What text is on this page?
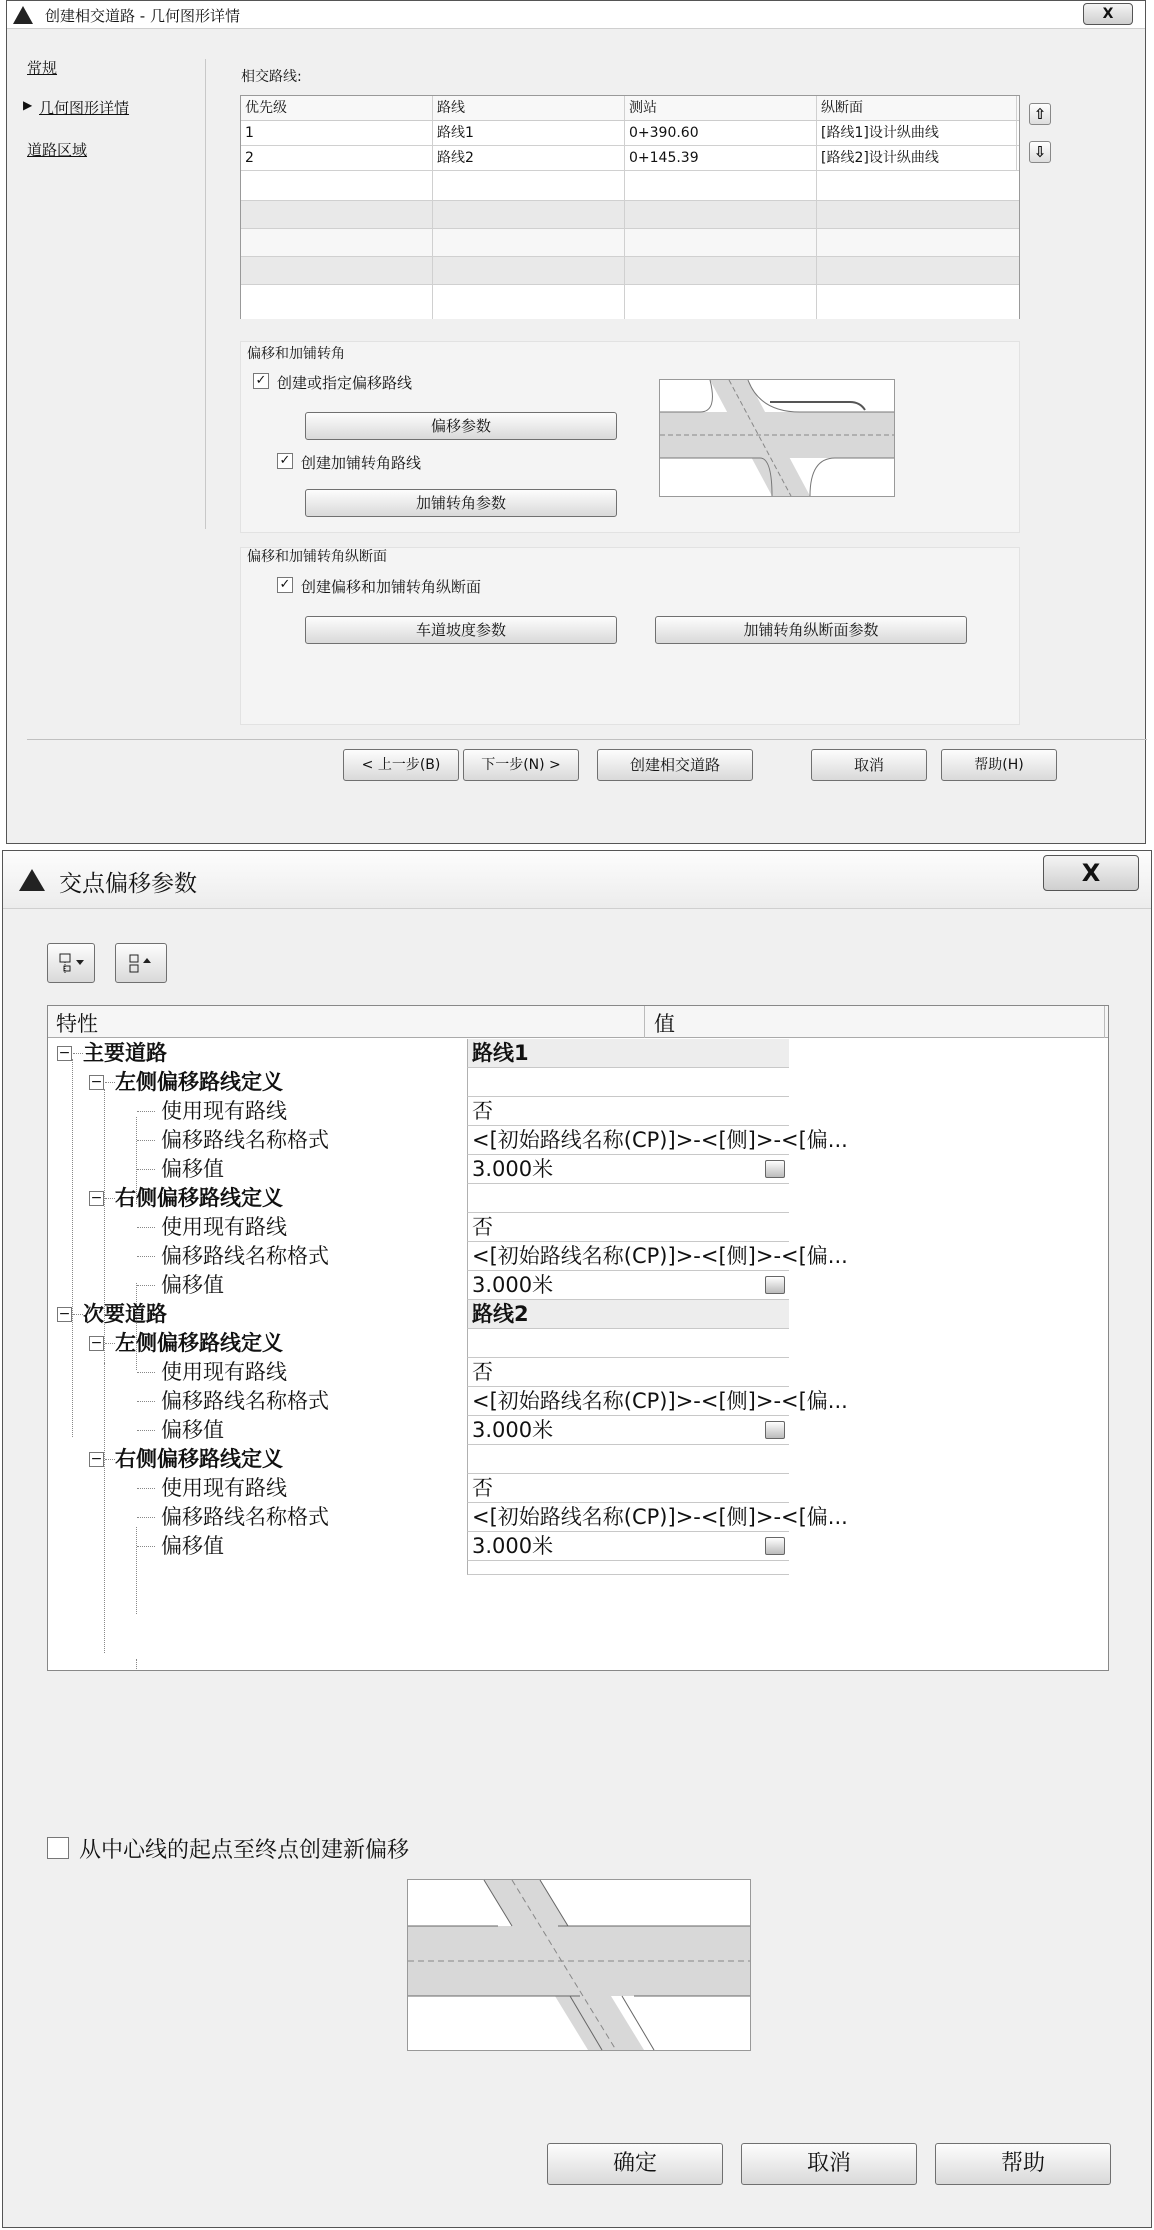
创建相交道路 - 几何图形详情	X
常规
▶ 几何图形详情
道路区域
相交路线:
优先级	路线	测站	纵断面
1	路线1	0+390.60	[路线1]设计纵曲线
2	路线2	0+145.39	[路线2]设计纵曲线
⇧
⇩
偏移和加铺转角
✓ 创建或指定偏移路线
偏移参数
✓ 创建加铺转角路线
加铺转角参数
偏移和加铺转角纵断面
✓ 创建偏移和加铺转角纵断面
车道坡度参数	加铺转角纵断面参数
< 上一步(B)	下一步(N) >	创建相交道路	取消	帮助(H)
交点偏移参数	X
特性	值
− 主要道路	路线1
− 左侧偏移路线定义
使用现有路线	否
偏移路线名称格式	<[初始路线名称(CP)]>-<[侧]>-<[偏...
偏移值	3.000米
− 右侧偏移路线定义
使用现有路线	否
偏移路线名称格式	<[初始路线名称(CP)]>-<[侧]>-<[偏...
偏移值	3.000米
− 次要道路	路线2
− 左侧偏移路线定义
使用现有路线	否
偏移路线名称格式	<[初始路线名称(CP)]>-<[侧]>-<[偏...
偏移值	3.000米
− 右侧偏移路线定义
使用现有路线	否
偏移路线名称格式	<[初始路线名称(CP)]>-<[侧]>-<[偏...
偏移值	3.000米
从中心线的起点至终点创建新偏移
确定	取消	帮助
